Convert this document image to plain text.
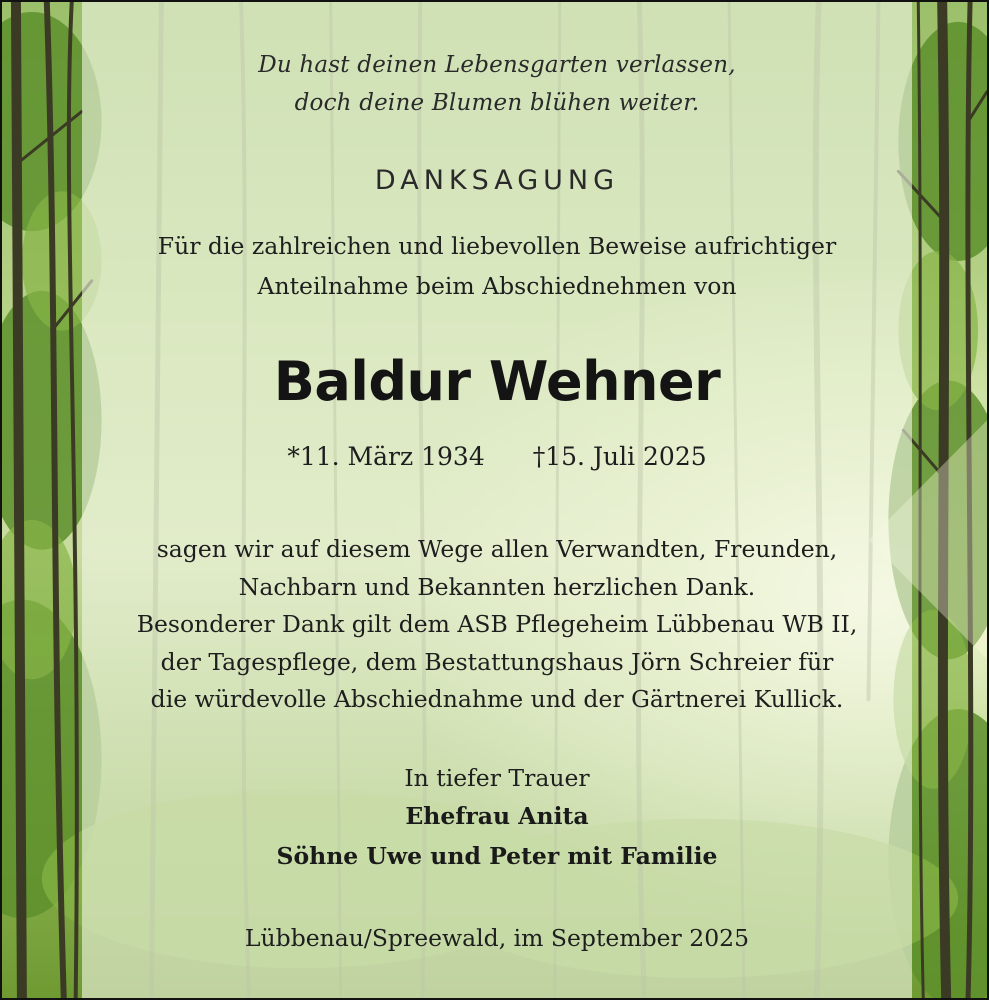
Du hast deinen Lebensgarten verlassen,
doch deine Blumen blühen weiter.
DANKSAGUNG
Für die zahlreichen und liebevollen Beweise aufrichtiger
Anteilnahme beim Abschiednehmen von
Baldur Wehner
*11. März 1934 †15. Juli 2025
sagen wir auf diesem Wege allen Verwandten, Freunden,
Nachbarn und Bekannten herzlichen Dank.
Besonderer Dank gilt dem ASB Pflegeheim Lübbenau WB II,
der Tagespflege, dem Bestattungshaus Jörn Schreier für
die würdevolle Abschiednahme und der Gärtnerei Kullick.
In tiefer Trauer
Ehefrau Anita
Söhne Uwe und Peter mit Familie
Lübbenau/Spreewald, im September 2025
